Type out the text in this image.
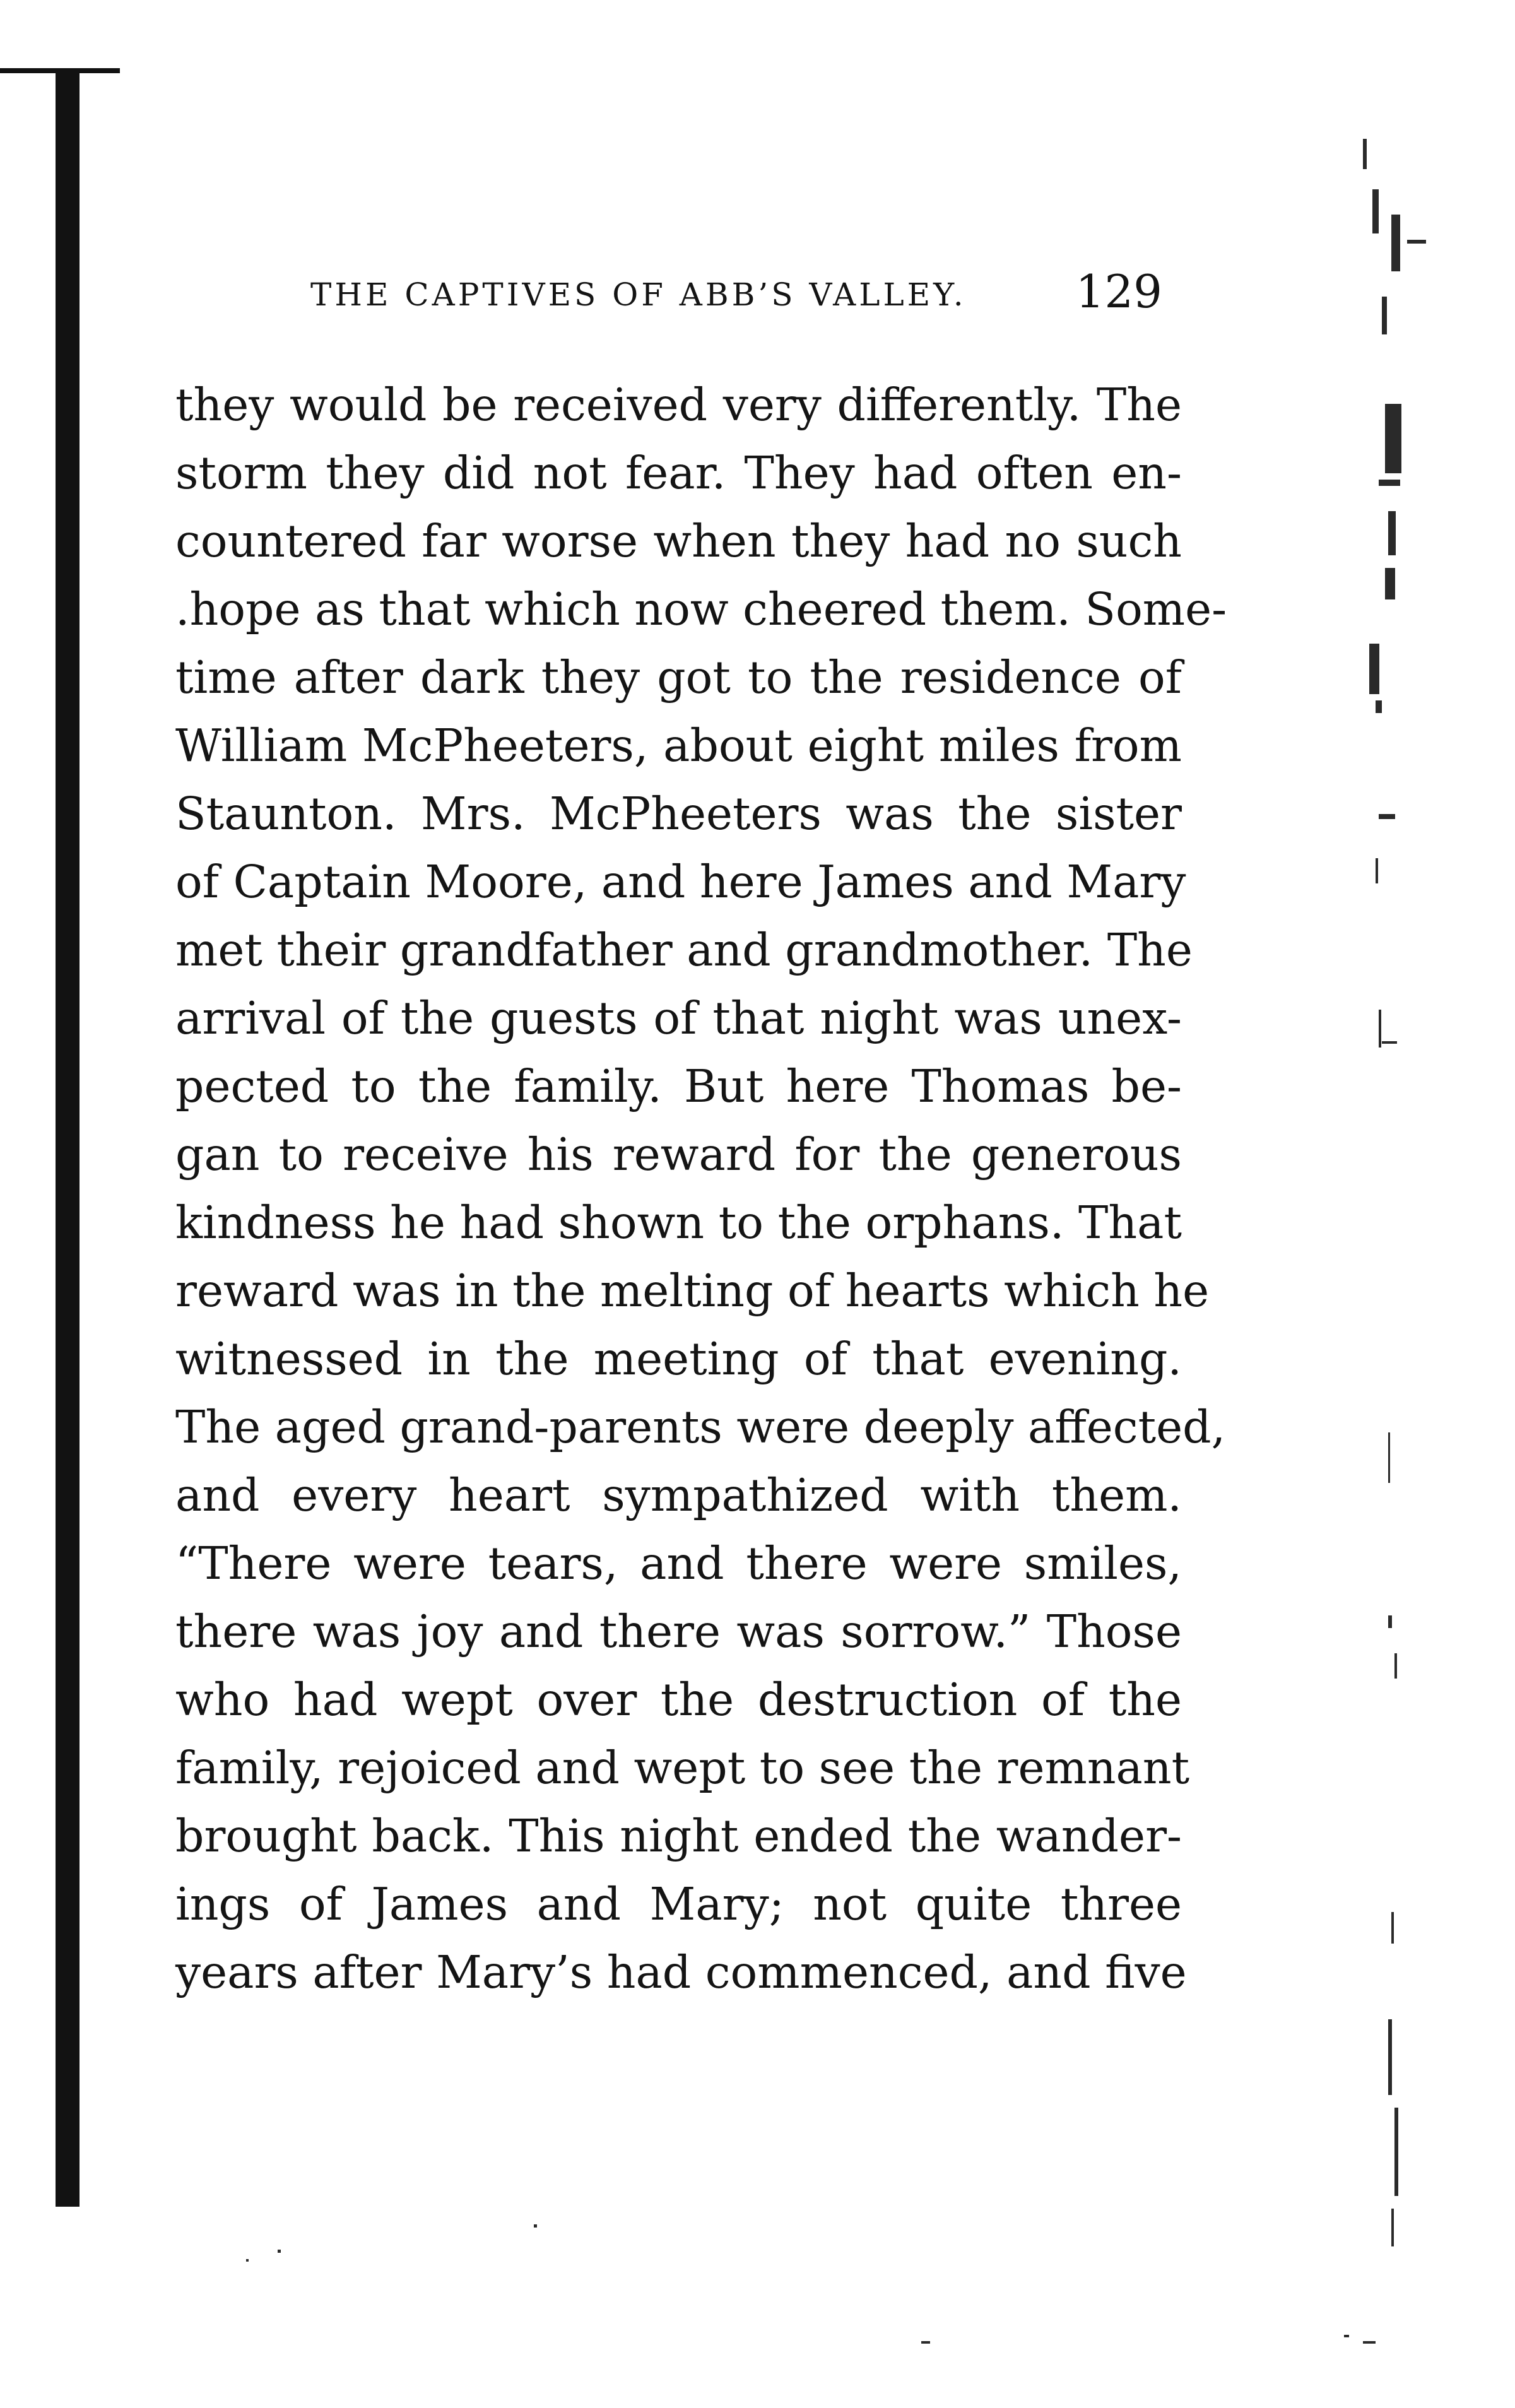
THE CAPTIVES OF ABB’S VALLEY. 129
they would be received very differently. The
storm they did not fear. They had often en-
countered far worse when they had no such
.hope as that which now cheered them. Some-
time after dark they got to the residence of
William McPheeters, about eight miles from
Staunton. Mrs. McPheeters was the sister
of Captain Moore, and here James and Mary
met their grandfather and grandmother. The
arrival of the guests of that night was unex-
pected to the family. But here Thomas be-
gan to receive his reward for the generous
kindness he had shown to the orphans. That
reward was in the melting of hearts which he
witnessed in the meeting of that evening.
The aged grand-parents were deeply affected,
and every heart sympathized with them.
“There were tears, and there were smiles,
there was joy and there was sorrow.” Those
who had wept over the destruction of the
family, rejoiced and wept to see the remnant
brought back. This night ended the wander-
ings of James and Mary; not quite three
years after Mary’s had commenced, and five
